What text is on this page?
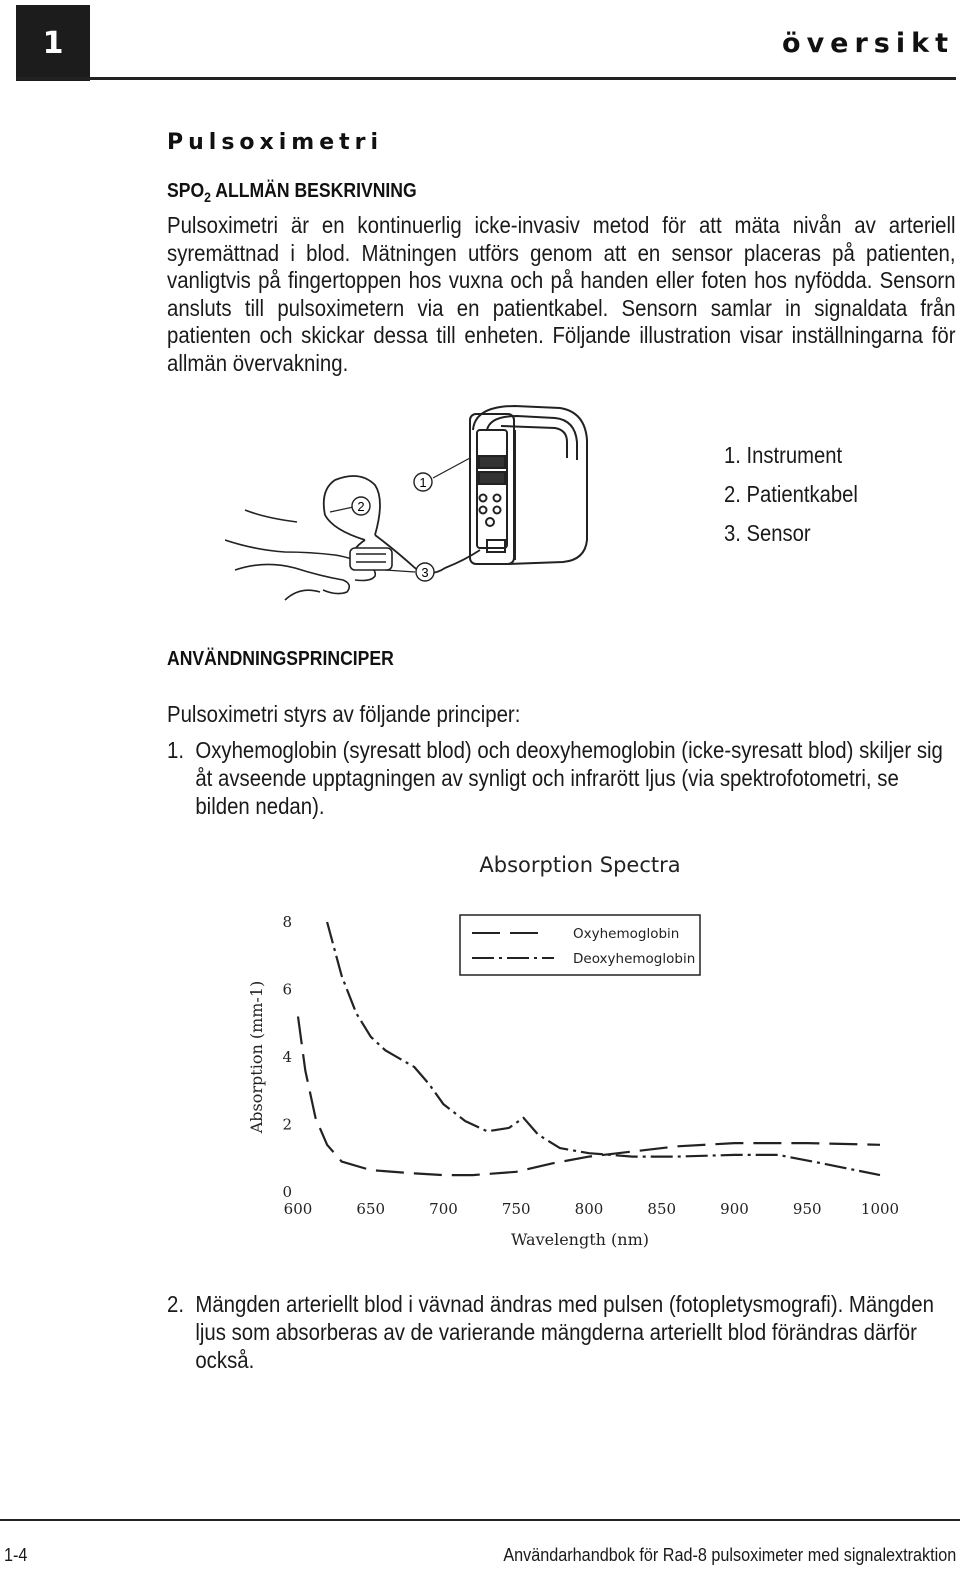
1	översikt
Pulsoximetri
$SPO_2$ ALLMÄN BESKRIVNING
Pulsoximetri är en kontinuerlig icke-invasiv metod för att mäta nivån av arteriell syremättnad i blod. Mätningen utförs genom att en sensor placeras på patienten, vanligtvis på fingertoppen hos vuxna och på handen eller foten hos nyfödda. Sensorn ansluts till pulsoximetern via en patientkabel. Sensorn samlar in signaldata från patienten och skickar dessa till enheten. Följande illustration visar inställningarna för allmän övervakning.
1
2
3
1. Instrument
2. Patientkabel
3. Sensor
ANVÄNDNINGSPRINCIPER
Pulsoximetri styrs av följande principer:
1. Oxyhemoglobin (syresatt blod) och deoxyhemoglobin (icke-syresatt blod) skiljer sig åt avseende upptagningen av synligt och infrarött ljus (via spektrofotometri, se bilden nedan).
Absorption Spectra
Absorption (mm-1)
Wavelength (nm)
0
2
4
6
8
600	650	700	750	800	850	900	950	1000
Oxyhemoglobin
Deoxyhemoglobin
2. Mängden arteriellt blod i vävnad ändras med pulsen (fotopletysmografi). Mängden ljus som absorberas av de varierande mängderna arteriellt blod förändras därför också.
1-4	Användarhandbok för Rad-8 pulsoximeter med signalextraktion
